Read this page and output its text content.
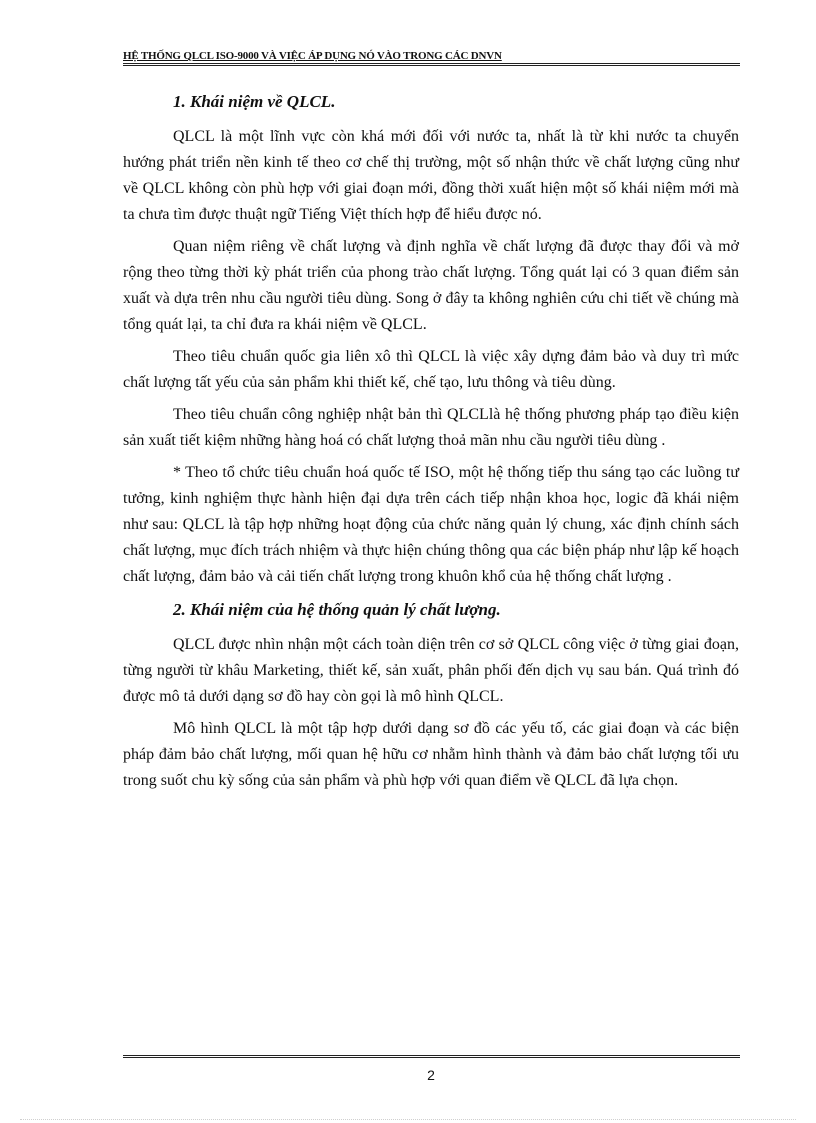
HỆ THỐNG QLCL ISO-9000 VÀ VIỆC ÁP DỤNG NÓ VÀO TRONG CÁC DNVN
1. Khái niệm về QLCL.

QLCL là một lĩnh vực còn khá mới đối với nước ta, nhất là từ khi nước ta chuyển hướng phát triển nền kinh tế theo cơ chế thị trường, một số nhận thức về chất lượng cũng như về QLCL không còn phù hợp với giai đoạn mới, đồng thời xuất hiện một số khái niệm mới mà ta chưa tìm được thuật ngữ Tiếng Việt thích hợp để hiểu được nó.

Quan niệm riêng về chất lượng và định nghĩa về chất lượng đã được thay đổi và mở rộng theo từng thời kỳ phát triển của phong trào chất lượng. Tổng quát lại có 3 quan điểm sản xuất và dựa trên nhu cầu người tiêu dùng. Song ở đây ta không nghiên cứu chi tiết về chúng mà tổng quát lại, ta chỉ đưa ra khái niệm về QLCL.

Theo tiêu chuẩn quốc gia liên xô thì QLCL là việc xây dựng đảm bảo và duy trì mức chất lượng tất yếu của sản phẩm khi thiết kế, chế tạo, lưu thông và tiêu dùng.

Theo tiêu chuẩn công nghiệp nhật bản thì QLCLlà hệ thống phương pháp tạo điều kiện sản xuất tiết kiệm những hàng hoá có chất lượng thoả mãn nhu cầu người tiêu dùng .

* Theo tổ chức tiêu chuẩn hoá quốc tế ISO, một hệ thống tiếp thu sáng tạo các luồng tư tưởng, kinh nghiệm thực hành hiện đại dựa trên cách tiếp nhận khoa học, logic đã khái niệm như sau: QLCL là tập hợp những hoạt động của chức năng quản lý chung, xác định chính sách chất lượng, mục đích trách nhiệm và thực hiện chúng thông qua các biện pháp như lập kế hoạch chất lượng, đảm bảo và cải tiến chất lượng trong khuôn khổ của hệ thống chất lượng .

2. Khái niệm của hệ thống quản lý chất lượng.

QLCL được nhìn nhận một cách toàn diện trên cơ sở QLCL công việc ở từng giai đoạn, từng người từ khâu Marketing, thiết kế, sản xuất, phân phối đến dịch vụ sau bán. Quá trình đó được mô tả dưới dạng sơ đồ hay còn gọi là mô hình QLCL.

Mô hình QLCL là một tập hợp dưới dạng sơ đồ các yếu tố, các giai đoạn và các biện pháp đảm bảo chất lượng, mối quan hệ hữu cơ nhằm hình thành và đảm bảo chất lượng tối ưu trong suốt chu kỳ sống của sản phẩm và phù hợp với quan điểm về QLCL đã lựa chọn.

2
